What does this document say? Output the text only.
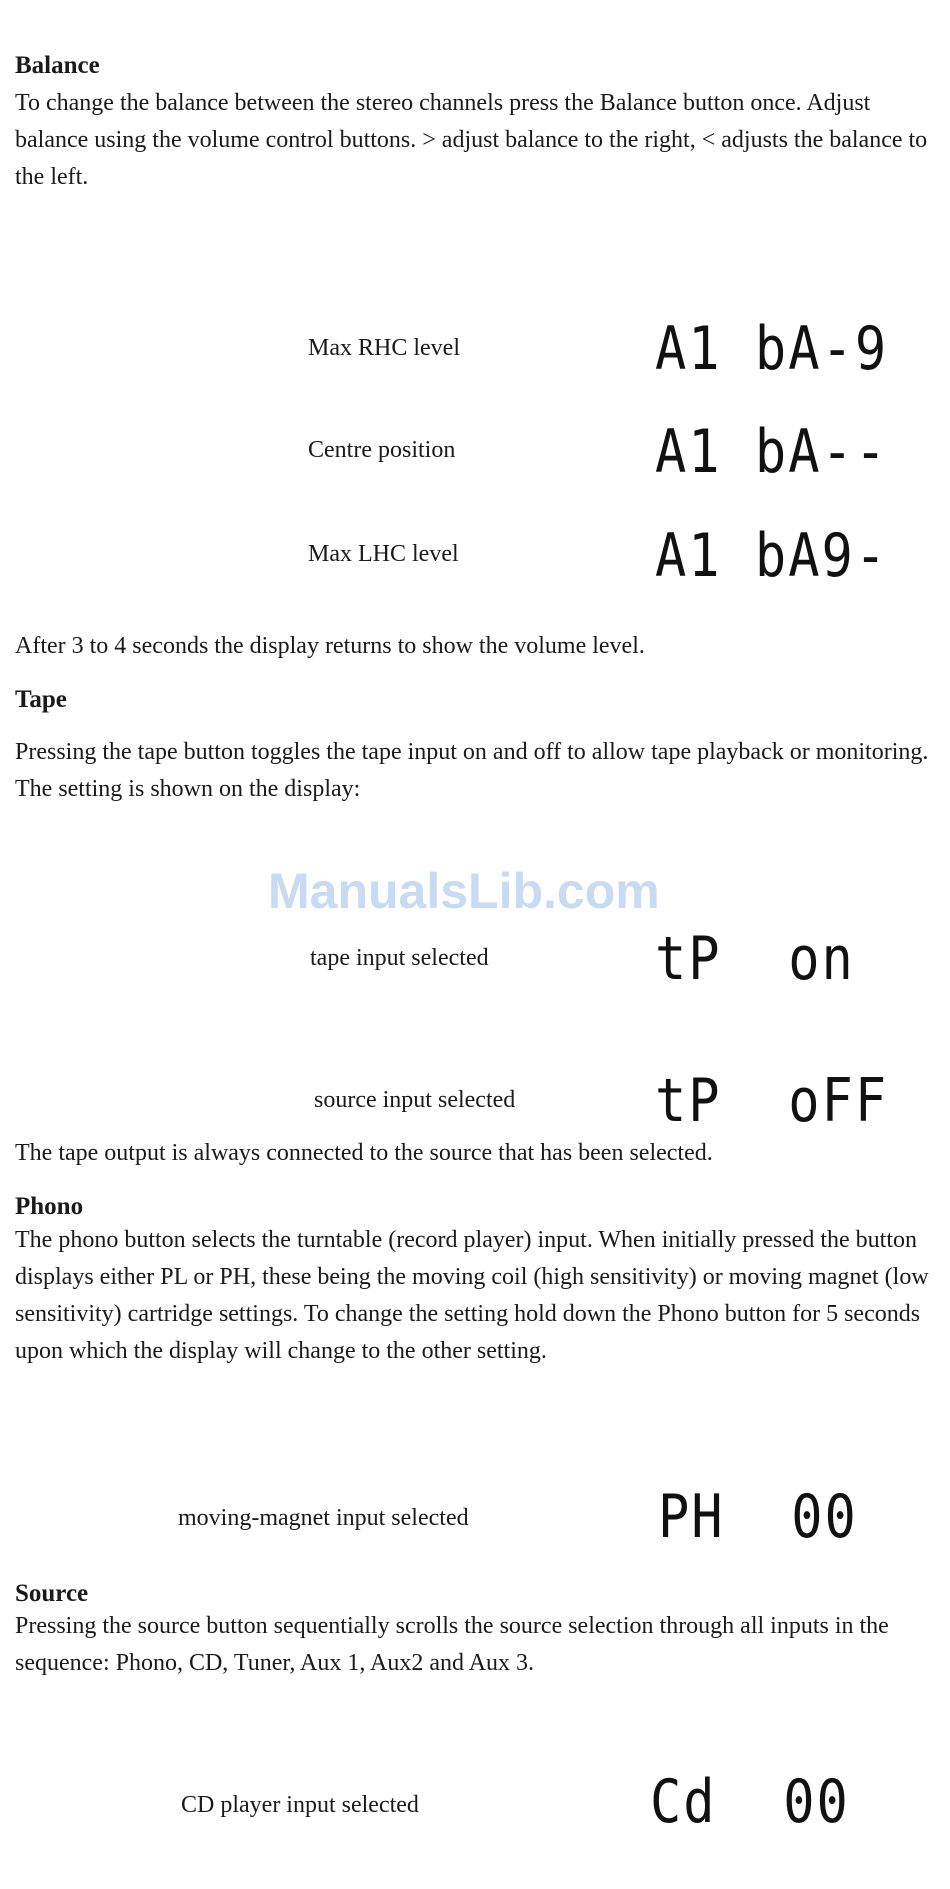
Balance
To change the balance between the stereo channels press the Balance button once. Adjust balance using the volume control buttons. > adjust balance to the right, < adjusts the balance to the left.
Max RHC level	A1 bA-9
Centre position	A1 bA--
Max LHC level	A1 bA9-
After 3 to 4 seconds the display returns to show the volume level.
Tape
Pressing the tape button toggles the tape input on and off to allow tape playback or monitoring. The setting is shown on the display:
ManualsLib.com
tape input selected	tP  on
source input selected	tP  oFF
The tape output is always connected to the source that has been selected.
Phono
The phono button selects the turntable (record player) input. When initially pressed the button displays either PL or PH, these being the moving coil (high sensitivity) or moving magnet (low sensitivity) cartridge settings. To change the setting hold down the Phono button for 5 seconds upon which the display will change to the other setting.
moving-magnet input selected	PH  00
Source
Pressing the source button sequentially scrolls the source selection through all inputs in the sequence: Phono, CD, Tuner, Aux 1, Aux2 and Aux 3.
CD player input selected	Cd  00
